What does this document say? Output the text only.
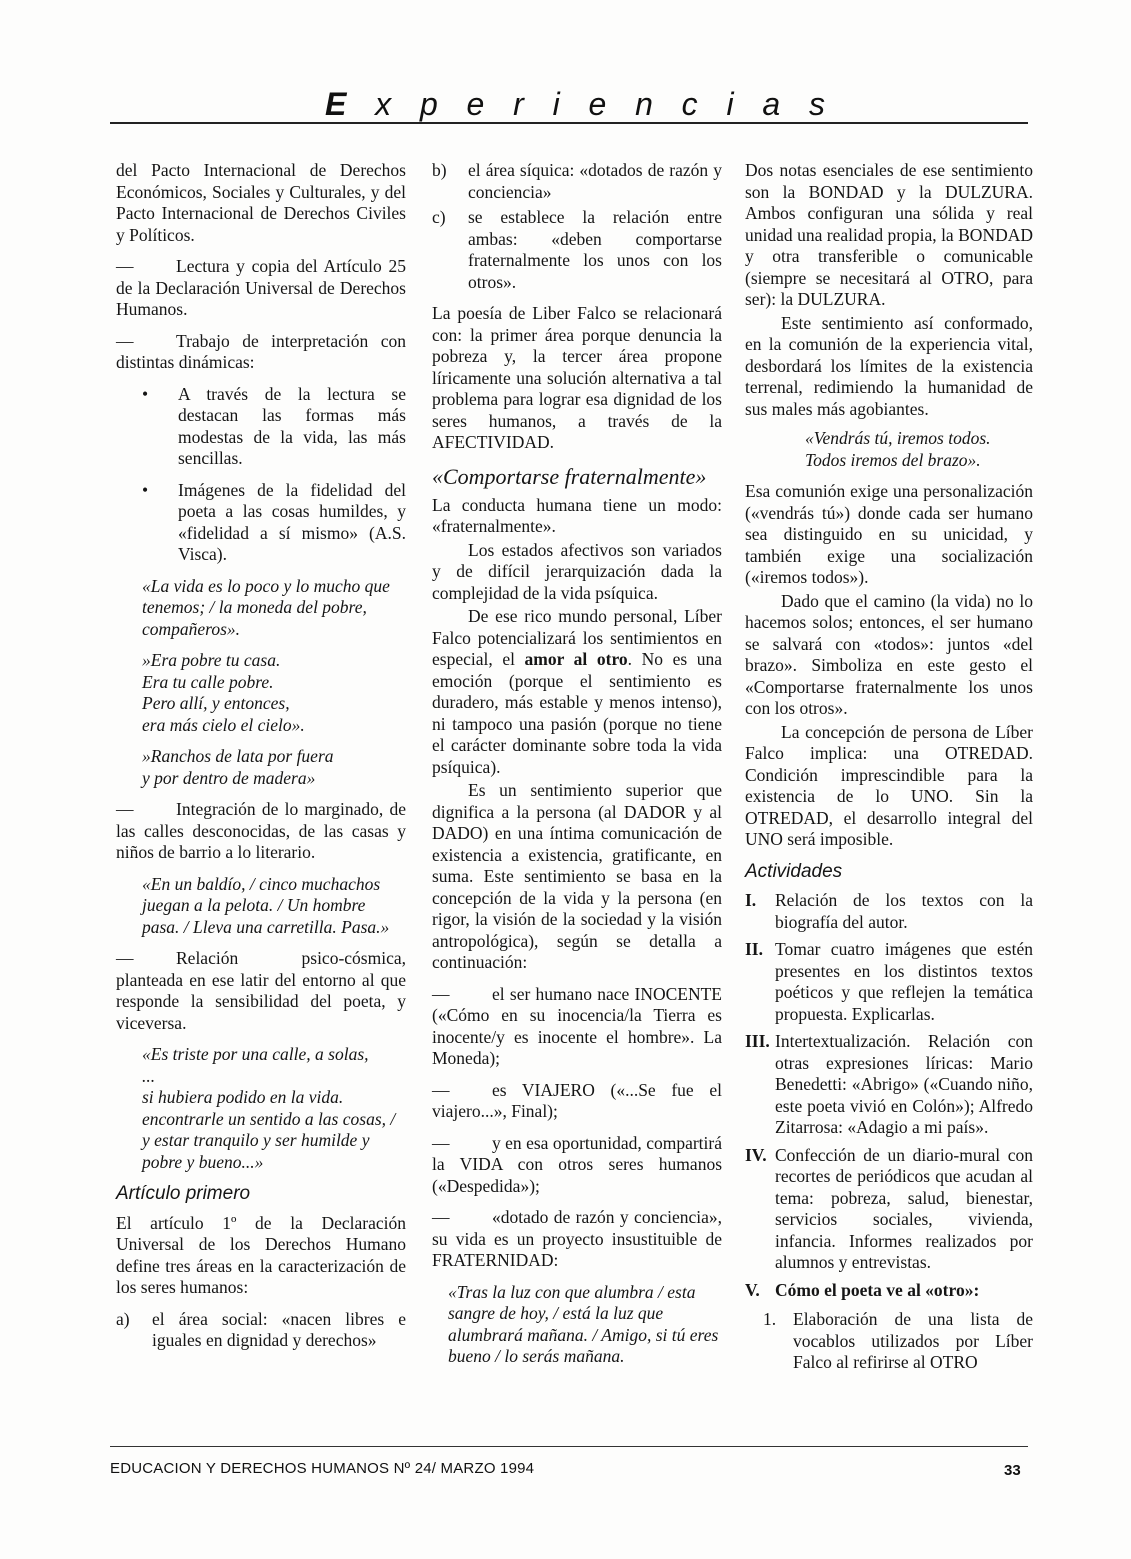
E x p e r i e n c i a s

del Pacto Internacional de Derechos Económicos, Sociales y Culturales, y del Pacto Internacional de Derechos Civiles y Políticos.

— Lectura y copia del Artículo 25 de la Declaración Universal de Derechos Humanos.

— Trabajo de interpretación con distintas dinámicas:

• A través de la lectura se destacan las formas más modestas de la vida, las más sencillas.
• Imágenes de la fidelidad del poeta a las cosas humildes, y «fidelidad a sí mismo» (A.S. Visca).
«La vida es lo poco y lo mucho que tenemos; / la moneda del pobre, compañeros».
»Era pobre tu casa.
Era tu calle pobre.
Pero allí, y entonces,
era más cielo el cielo».
»Ranchos de lata por fuera
y por dentro de madera»

— Integración de lo marginado, de las calles desconocidas, de las casas y niños de barrio a lo literario.

«En un baldío, / cinco muchachos juegan a la pelota. / Un hombre pasa. / Lleva una carretilla. Pasa.»

— Relación psico-cósmica, planteada en ese latir del entorno al que responde la sensibilidad del poeta, y viceversa.

«Es triste por una calle, a solas,
...
si hubiera podido en la vida. encontrarle un sentido a las cosas, / y estar tranquilo y ser humilde y pobre y bueno...»
Artículo primero

El artículo 1º de la Declaración Universal de los Derechos Humano define tres áreas en la caracterización de los seres humanos:

a) el área social: «nacen libres e iguales en dignidad y derechos»
b) el área síquica: «dotados de razón y conciencia»
c) se establece la relación entre ambas: «deben comportarse fraternalmente los unos con los otros».

La poesía de Liber Falco se relacionará con: la primer área porque denuncia la pobreza y, la tercer área propone líricamente una solución alternativa a tal problema para lograr esa dignidad de los seres humanos, a través de la AFECTIVIDAD.

«Comportarse fraternalmente»

La conducta humana tiene un modo: «fraternalmente».

Los estados afectivos son variados y de difícil jerarquización dada la complejidad de la vida psíquica.

De ese rico mundo personal, Líber Falco potencializará los sentimientos en especial, el amor al otro. No es una emoción (porque el sentimiento es duradero, más estable y menos intenso), ni tampoco una pasión (porque no tiene el carácter dominante sobre toda la vida psíquica).

Es un sentimiento superior que dignifica a la persona (al DADOR y al DADO) en una íntima comunicación de existencia a existencia, gratificante, en suma. Este sentimiento se basa en la concepción de la vida y la persona (en rigor, la visión de la sociedad y la visión antropológica), según se detalla a continuación:

— el ser humano nace INOCENTE («Cómo en su inocencia/la Tierra es inocente/y es inocente el hombre». La Moneda);

— es VIAJERO («...Se fue el viajero...», Final);

— y en esa oportunidad, compartirá la VIDA con otros seres humanos («Despedida»);

— «dotado de razón y conciencia», su vida es un proyecto insustituible de FRATERNIDAD:

«Tras la luz con que alumbra / esta sangre de hoy, / está la luz que alumbrará mañana. / Amigo, si tú eres bueno / lo serás mañana.

Dos notas esenciales de ese sentimiento son la BONDAD y la DULZURA. Ambos configuran una sólida y real unidad una realidad propia, la BONDAD y otra transferible o comunicable (siempre se necesitará al OTRO, para ser): la DULZURA.

Este sentimiento así conformado, en la comunión de la experiencia vital, desbordará los límites de la existencia terrenal, redimiendo la humanidad de sus males más agobiantes.

«Vendrás tú, iremos todos.
Todos iremos del brazo».

Esa comunión exige una personalización («vendrás tú») donde cada ser humano sea distinguido en su unicidad, y también exige una socialización («iremos todos»).

Dado que el camino (la vida) no lo hacemos solos; entonces, el ser humano se salvará con «todos»: juntos «del brazo». Simboliza en este gesto el «Comportarse fraternalmente los unos con los otros».

La concepción de persona de Líber Falco implica: una OTREDAD. Condición imprescindible para la existencia de lo UNO. Sin la OTREDAD, el desarrollo integral del UNO será imposible.

Actividades
I. Relación de los textos con la biografía del autor.
II. Tomar cuatro imágenes que estén presentes en los distintos textos poéticos y que reflejen la temática propuesta. Explicarlas.
III. Intertextualización. Relación con otras expresiones líricas: Mario Benedetti: «Abrigo» («Cuando niño, este poeta vivió en Colón»); Alfredo Zitarrosa: «Adagio a mi país».
IV. Confección de un diario-mural con recortes de periódicos que acudan al tema: pobreza, salud, bienestar, servicios sociales, vivienda, infancia. Informes realizados por alumnos y entrevistas.
V. Cómo el poeta ve al «otro»:
1. Elaboración de una lista de vocablos utilizados por Líber Falco al refirirse al OTRO
EDUCACION Y DERECHOS HUMANOS Nº 24/ MARZO 1994	33
